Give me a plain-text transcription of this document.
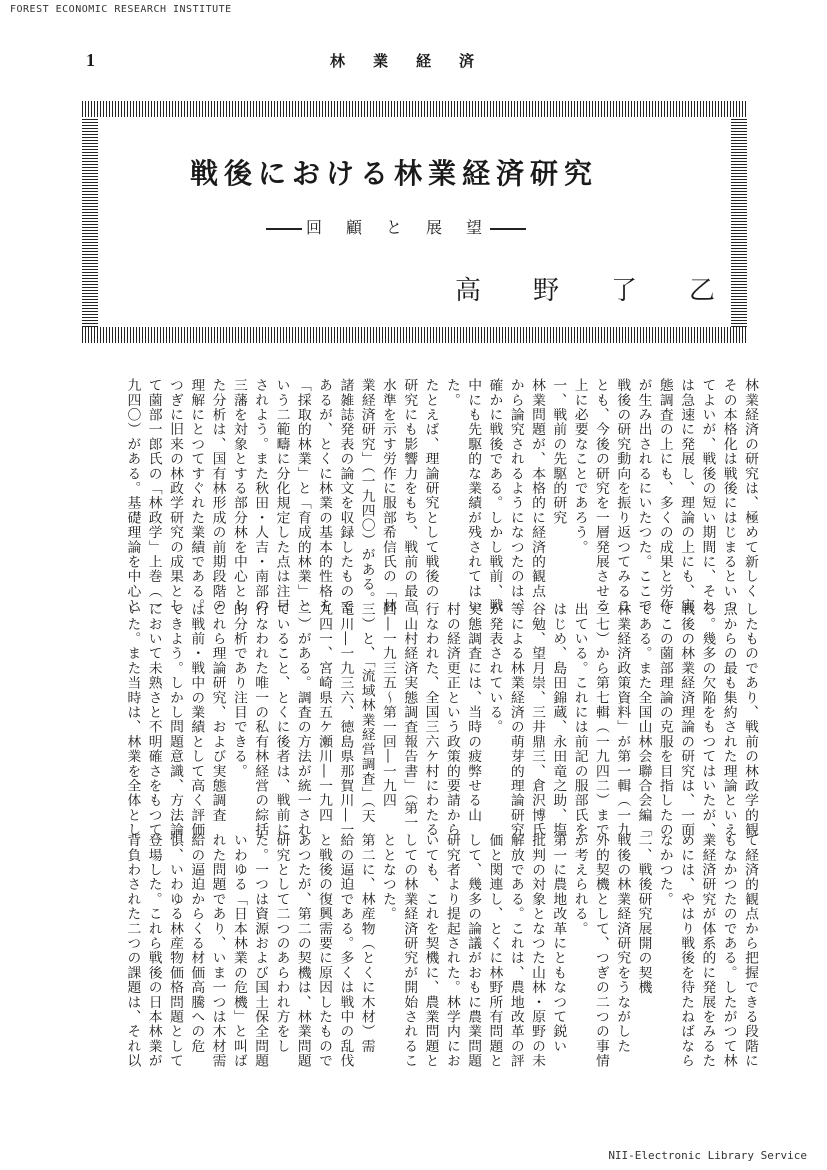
FOREST ECONOMIC RESEARCH INSTITUTE
1	林業経済
戦後における林業経済研究
回　顧　と　展　望
高野了乙
林業経済の研究は、極めて新しく
その本格化は戦後にはじまるといつ
てよいが、戦後の短い期間に、それ
は急速に発展し、理論の上にも、実
態調査の上にも、多くの成果と労作
が生み出されるにいたつた。ここで
戦後の研究動向を振り返つてみるこ
とも、今後の研究を一層発展させる
上に必要なことであろう。
一、戦前の先駆的研究
林業問題が、本格的に経済的観点
から論究されるようになつたのは、
確かに戦後である。しかし戦前、戦
中にも先駆的な業績が残されてはい
た。
たとえば、理論研究として戦後の
研究にも影響力をもち、戦前の最高
水準を示す労作に服部希信氏の「林
業経済研究」（一九四〇）がある。
諸雑誌発表の論文を収録したもので
あるが、とくに林業の基本的性格を
「採取的林業」と「育成的林業」と
いう二範疇に分化規定した点は注目
されよう。また秋田・人吉・南部の
三藩を対象とする部分林を中心とし
た分析は、国有林形成の前期段階の
理解にとつてすぐれた業績である。
つぎに旧来の林政学研究の成果とし
て薗部一郎氏の「林政学」上巻（一
九四〇）がある。基礎理論を中心と
したものであり、戦前の林政学的観
点からの最も集約された理論といえ
る。幾多の欠陥をもつてはいたが、
戦後の林業経済理論の研究は、一面
でこの薗部理論の克服を目指したの
である。また全国山林会聯合会編「
林業経済政策資料」が第一輯（一九
三七）から第七輯（一九四二）まで
出ている。これには前記の服部氏を
はじめ、島田錦蔵、永田竜之助、塩
谷勉、望月崇、三井鼎三、倉沢博氏
等による林業経済の萌芽的理論研究
が発表されている。
実態調査には、当時の疲弊せる山
村の経済更正という政策的要請から
行なわれた、全国三六ケ村にわたる
「山村経済実態調査報告書」（第一
回―一九三五～第一回―一九四
三）と、「流域林業経営調査」（天
竜川―一九三六、徳島県那賀川―一
九四一、宮崎県五ケ瀬川―一九四
二）がある。調査の方法が統一され
ていること、とくに後者は、戦前に
行なわれた唯一の私有林経営の綜括
的分析であり注目できる。
これら理論研究、および実態調査
は戦前・戦中の業績として高く評価
できよう。しかし問題意識、方法論
において未熟さと不明確さをもつて
いた。また当時は、林業を全体とし
て経済的観点から把握できる段階に
もなかつたのである。したがつて林
業経済研究が体系的に発展をみるた
めには、やはり戦後を待たねばなら
なかつた。
二、戦後研究展開の契機
戦後の林業経済研究をうながした
外的契機として、つぎの二つの事情
が考えられる。
第一に農地改革にともなつて鋭い
批判の対象となつた山林・原野の未
解放である。これは、農地改革の評
価と関連し、とくに林野所有問題と
して、幾多の論議がおもに農業問題
研究者より提起された。林学内にお
いても、これを契機に、農業問題と
しての林業経済研究が開始されるこ
ととなつた。
第二に、林産物（とくに木材）需
給の逼迫である。多くは戦中の乱伐
と戦後の復興需要に原因したもので
あつたが、第二の契機は、林業問題
研究として二つのあらわれ方をし
た。一つは資源および国土保全問題
いわゆる「日本林業の危機」と叫ば
れた問題であり、いま一つは木材需
給の逼迫からくる材価高騰への危
惧、いわゆる林産物価格問題として
登場した。これら戦後の日本林業が
背負わされた二つの課題は、それ以
NII-Electronic Library Service
